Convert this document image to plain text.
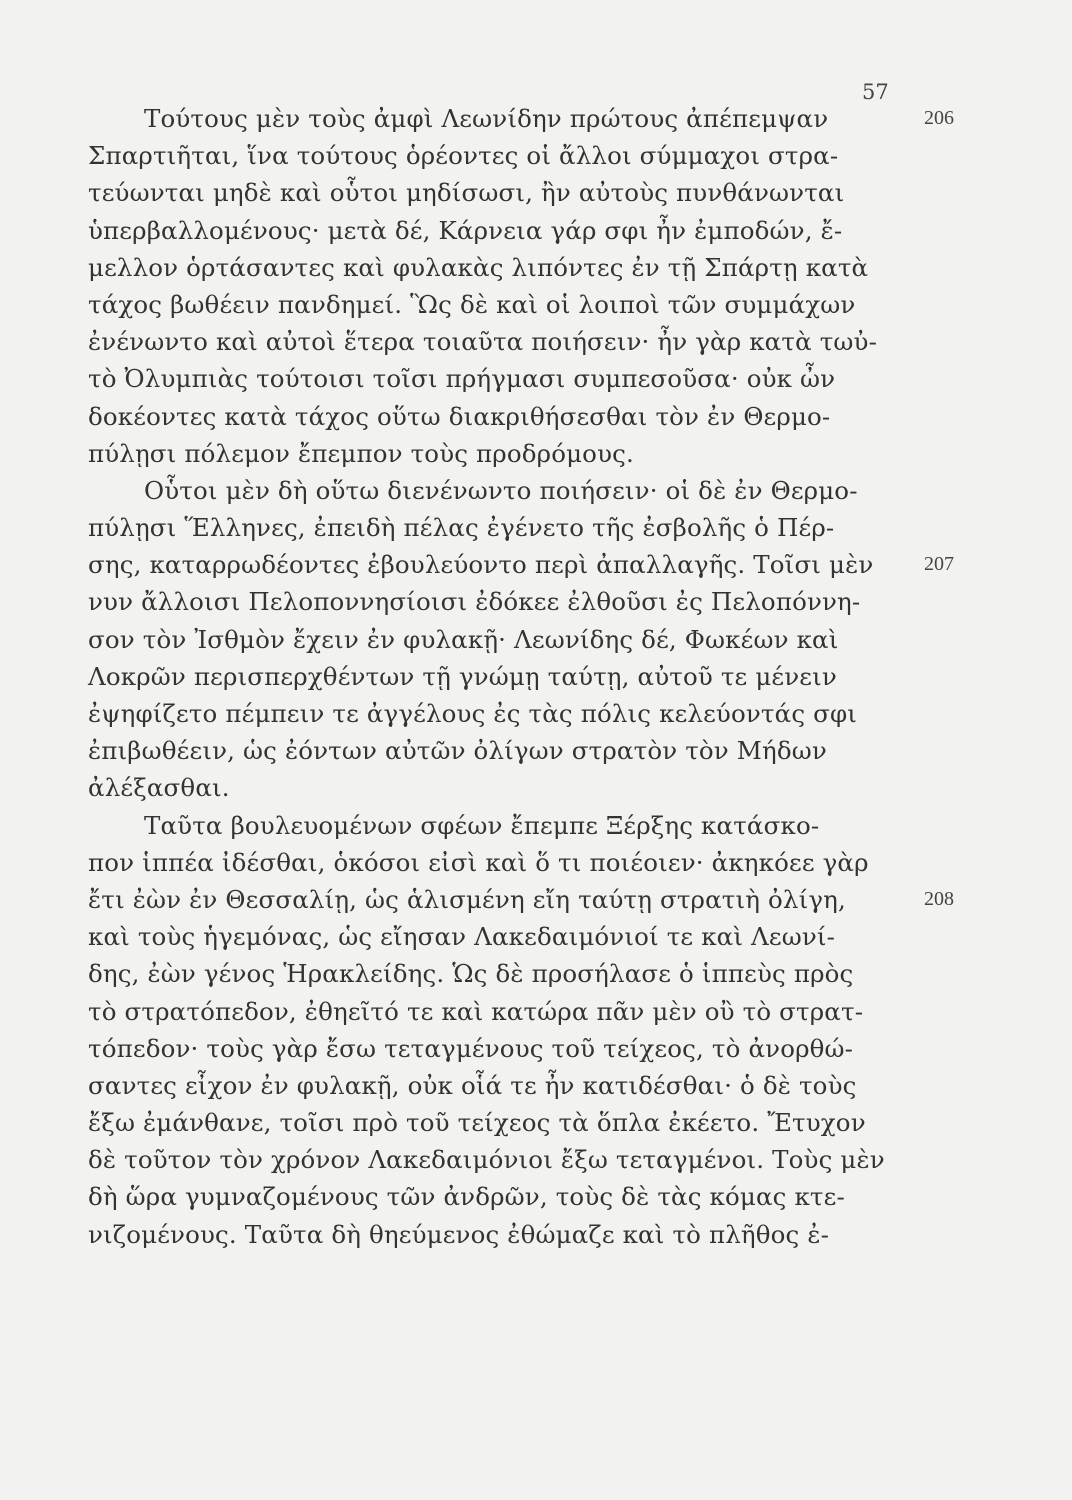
57
Τούτους μὲν τοὺς ἀμφὶ Λεωνίδην πρώτους ἀπέπεμψαν
Σπαρτιῆται, ἵνα τούτους ὁρέοντες οἱ ἄλλοι σύμμαχοι στρα-
τεύωνται μηδὲ καὶ οὗτοι μηδίσωσι, ἢν αὐτοὺς πυνθάνωνται
ὑπερβαλλομένους· μετὰ δέ, Κάρνεια γάρ σφι ἦν ἐμποδών, ἔ-
μελλον ὁρτάσαντες καὶ φυλακὰς λιπόντες ἐν τῇ Σπάρτῃ κατὰ
τάχος βωθέειν πανδημεί. Ὣς δὲ καὶ οἱ λοιποὶ τῶν συμμάχων
ἐνένωντο καὶ αὐτοὶ ἕτερα τοιαῦτα ποιήσειν· ἦν γὰρ κατὰ τωὐ-
τὸ Ὀλυμπιὰς τούτοισι τοῖσι πρήγμασι συμπεσοῦσα· οὐκ ὦν
δοκέοντες κατὰ τάχος οὕτω διακριθήσεσθαι τὸν ἐν Θερμο-
πύλῃσι πόλεμον ἔπεμπον τοὺς προδρόμους.
Οὗτοι μὲν δὴ οὕτω διενένωντο ποιήσειν· οἱ δὲ ἐν Θερμο-
πύλῃσι Ἕλληνες, ἐπειδὴ πέλας ἐγένετο τῆς ἐσβολῆς ὁ Πέρ-
σης, καταρρωδέοντες ἐβουλεύοντο περὶ ἀπαλλαγῆς. Τοῖσι μὲν
νυν ἄλλοισι Πελοποννησίοισι ἐδόκεε ἐλθοῦσι ἐς Πελοπόννη-
σον τὸν Ἰσθμὸν ἔχειν ἐν φυλακῇ· Λεωνίδης δέ, Φωκέων καὶ
Λοκρῶν περισπερχθέντων τῇ γνώμῃ ταύτῃ, αὐτοῦ τε μένειν
ἐψηφίζετο πέμπειν τε ἀγγέλους ἐς τὰς πόλις κελεύοντάς σφι
ἐπιβωθέειν, ὡς ἐόντων αὐτῶν ὀλίγων στρατὸν τὸν Μήδων
ἀλέξασθαι.
Ταῦτα βουλευομένων σφέων ἔπεμπε Ξέρξης κατάσκο-
πον ἱππέα ἰδέσθαι, ὁκόσοι εἰσὶ καὶ ὅ τι ποιέοιεν· ἀκηκόεε γὰρ
ἔτι ἐὼν ἐν Θεσσαλίῃ, ὡς ἁλισμένη εἴη ταύτῃ στρατιὴ ὀλίγη,
καὶ τοὺς ἡγεμόνας, ὡς εἴησαν Λακεδαιμόνιοί τε καὶ Λεωνί-
δης, ἐὼν γένος Ἡρακλείδης. Ὡς δὲ προσήλασε ὁ ἱππεὺς πρὸς
τὸ στρατόπεδον, ἐθηεῖτό τε καὶ κατώρα πᾶν μὲν οὒ τὸ στρατ-
τόπεδον· τοὺς γὰρ ἔσω τεταγμένους τοῦ τείχεος, τὸ ἀνορθώ-
σαντες εἶχον ἐν φυλακῇ, οὐκ οἷά τε ἦν κατιδέσθαι· ὁ δὲ τοὺς
ἔξω ἐμάνθανε, τοῖσι πρὸ τοῦ τείχεος τὰ ὅπλα ἐκέετο. Ἔτυχον
δὲ τοῦτον τὸν χρόνον Λακεδαιμόνιοι ἔξω τεταγμένοι. Τοὺς μὲν
δὴ ὥρα γυμναζομένους τῶν ἀνδρῶν, τοὺς δὲ τὰς κόμας κτε-
νιζομένους. Ταῦτα δὴ θηεύμενος ἐθώμαζε καὶ τὸ πλῆθος ἐ-
206
207
208
